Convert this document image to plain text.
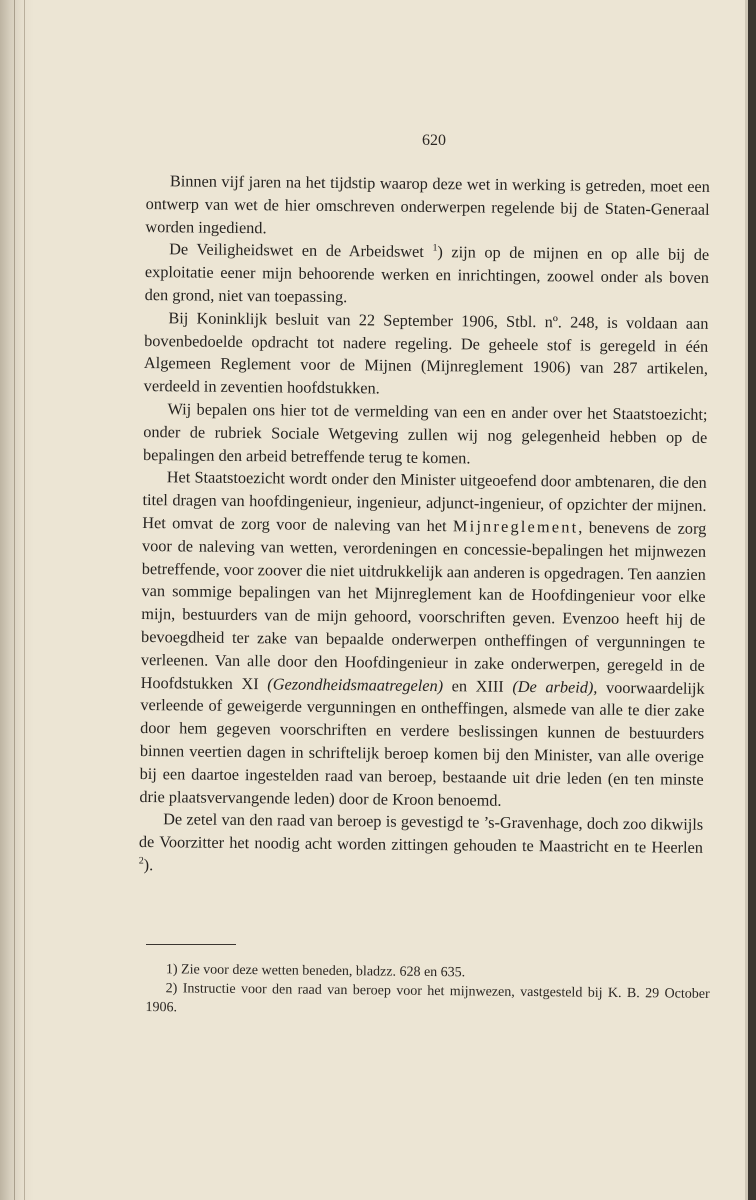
620

Binnen vijf jaren na het tijdstip waarop deze wet in werking is getreden, moet een ontwerp van wet de hier omschreven onderwerpen regelende bij de Staten-Generaal worden ingediend.

De Veiligheidswet en de Arbeidswet $^1$) zijn op de mijnen en op alle bij de exploitatie eener mijn behoorende werken en inrichtingen, zoowel onder als boven den grond, niet van toepassing.

Bij Koninklijk besluit van 22 September 1906, Stbl. nº. 248, is voldaan aan bovenbedoelde opdracht tot nadere regeling. De geheele stof is geregeld in één Algemeen Reglement voor de Mijnen (Mijnreglement 1906) van 287 artikelen, verdeeld in zeventien hoofdstukken.

Wij bepalen ons hier tot de vermelding van een en ander over het Staatstoezicht; onder de rubriek Sociale Wetgeving zullen wij nog gelegenheid hebben op de bepalingen den arbeid betreffende terug te komen.

Het Staatstoezicht wordt onder den Minister uitgeoefend door ambtenaren, die den titel dragen van hoofdingenieur, ingenieur, adjunct-ingenieur, of opzichter der mijnen. Het omvat de zorg voor de naleving van het Mijnreglement, benevens de zorg voor de naleving van wetten, verordeningen en concessie-bepalingen het mijnwezen betreffende, voor zoover die niet uitdrukkelijk aan anderen is opgedragen. Ten aanzien van sommige bepalingen van het Mijnreglement kan de Hoofdingenieur voor elke mijn, bestuurders van de mijn gehoord, voorschriften geven. Evenzoo heeft hij de bevoegdheid ter zake van bepaalde onderwerpen ontheffingen of vergunningen te verleenen. Van alle door den Hoofdingenieur in zake onderwerpen, geregeld in de Hoofdstukken XI (Gezondheidsmaatregelen) en XIII (De arbeid), voorwaardelijk verleende of geweigerde vergunningen en ontheffingen, alsmede van alle te dier zake door hem gegeven voorschriften en verdere beslissingen kunnen de bestuurders binnen veertien dagen in schriftelijk beroep komen bij den Minister, van alle overige bij een daartoe ingestelden raad van beroep, bestaande uit drie leden (en ten minste drie plaatsvervangende leden) door de Kroon benoemd.

De zetel van den raad van beroep is gevestigd te ’s-Gravenhage, doch zoo dikwijls de Voorzitter het noodig acht worden zittingen gehouden te Maastricht en te Heerlen $^2$).

1) Zie voor deze wetten beneden, bladzz. 628 en 635.

2) Instructie voor den raad van beroep voor het mijnwezen, vastgesteld bij K. B. 29 October 1906.
